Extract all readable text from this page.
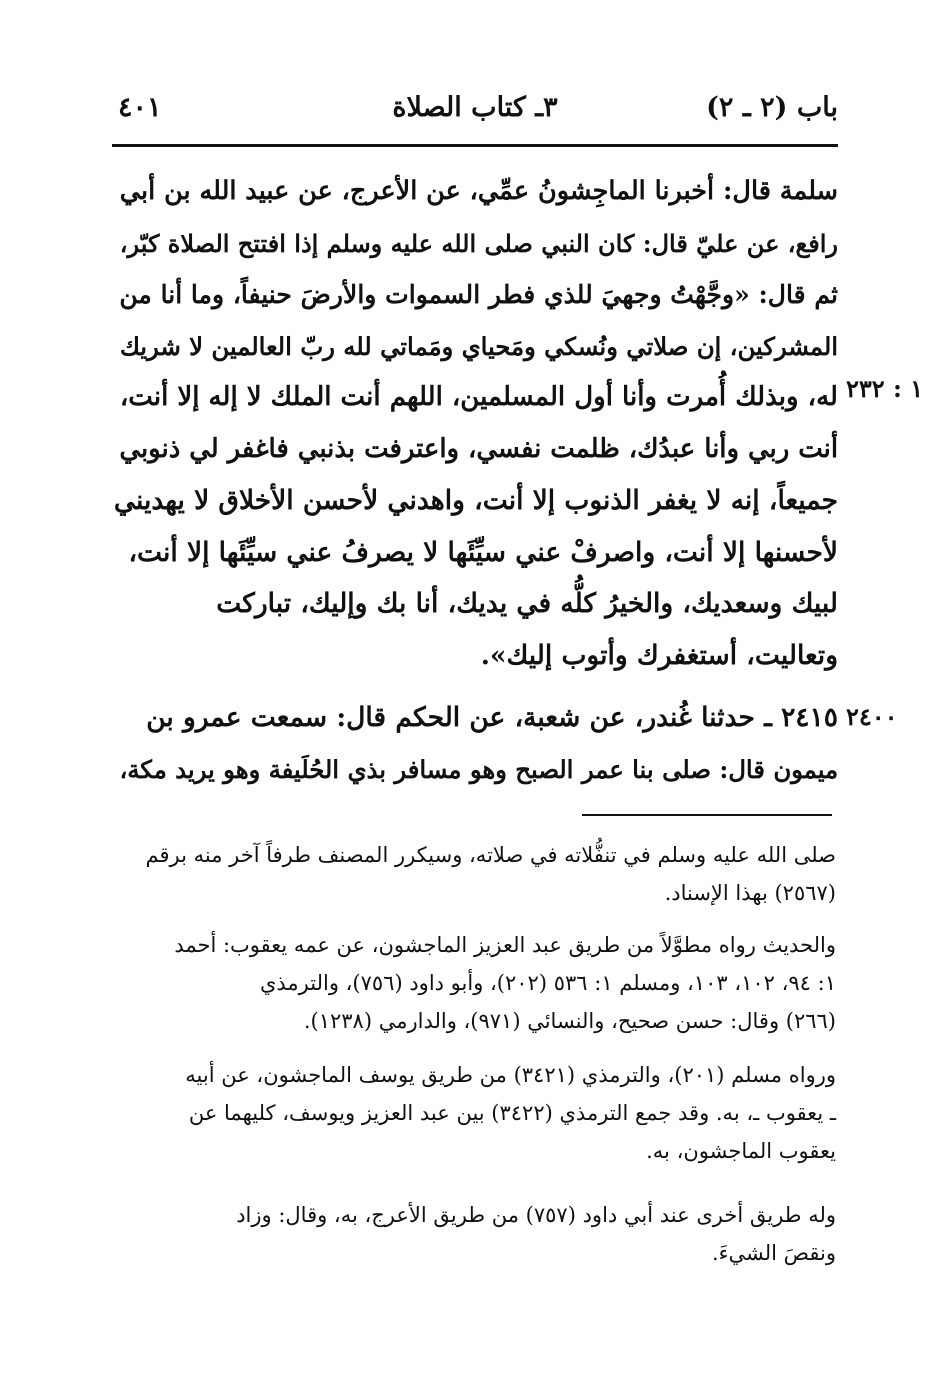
باب (٢ ـ ٢)
٣ـ كتاب الصلاة
٤٠١
سلمة قال: أخبرنا الماجِشونُ عمِّي، عن الأعرج، عن عبيد الله بن أبي
رافع، عن عليّ قال: كان النبي صلى الله عليه وسلم إذا افتتح الصلاة كبّر،
ثم قال: «وجَّهْتُ وجهيَ للذي فطر السموات والأرضَ حنيفاً، وما أنا من
المشركين، إن صلاتي ونُسكي ومَحياي ومَماتي لله ربّ العالمين لا شريك
له، وبذلك أُمرت وأنا أول المسلمين، اللهم أنت الملك لا إله إلا أنت،
أنت ربي وأنا عبدُك، ظلمت نفسي، واعترفت بذنبي فاغفر لي ذنوبي
جميعاً، إنه لا يغفر الذنوب إلا أنت، واهدني لأحسن الأخلاق لا يهديني
لأحسنها إلا أنت، واصرفْ عني سيِّئَها لا يصرفُ عني سيِّئَها إلا أنت،
لبيك وسعديك، والخيرُ كلُّه في يديك، أنا بك وإليك، تباركت
وتعاليت، أستغفرك وأتوب إليك».
١ : ٢٣٢
٢٤١٥ ـ حدثنا غُندر، عن شعبة، عن الحكم قال: سمعت عمرو بن
ميمون قال: صلى بنا عمر الصبح وهو مسافر بذي الحُلَيفة وهو يريد مكة،
٢٤٠٠
صلى الله عليه وسلم في تنفُّلاته في صلاته، وسيكرر المصنف طرفاً آخر منه برقم
(٢٥٦٧) بهذا الإسناد.
والحديث رواه مطوَّلاً من طريق عبد العزيز الماجشون، عن عمه يعقوب: أحمد
١: ٩٤، ١٠٢، ١٠٣، ومسلم ١: ٥٣٦ (٢٠٢)، وأبو داود (٧٥٦)، والترمذي
(٢٦٦) وقال: حسن صحيح، والنسائي (٩٧١)، والدارمي (١٢٣٨).
ورواه مسلم (٢٠١)، والترمذي (٣٤٢١) من طريق يوسف الماجشون، عن أبيه
ـ يعقوب ـ، به. وقد جمع الترمذي (٣٤٢٢) بين عبد العزيز ويوسف، كليهما عن
يعقوب الماجشون، به.
وله طريق أخرى عند أبي داود (٧٥٧) من طريق الأعرج، به، وقال: وزاد
ونقصَ الشيءَ.
